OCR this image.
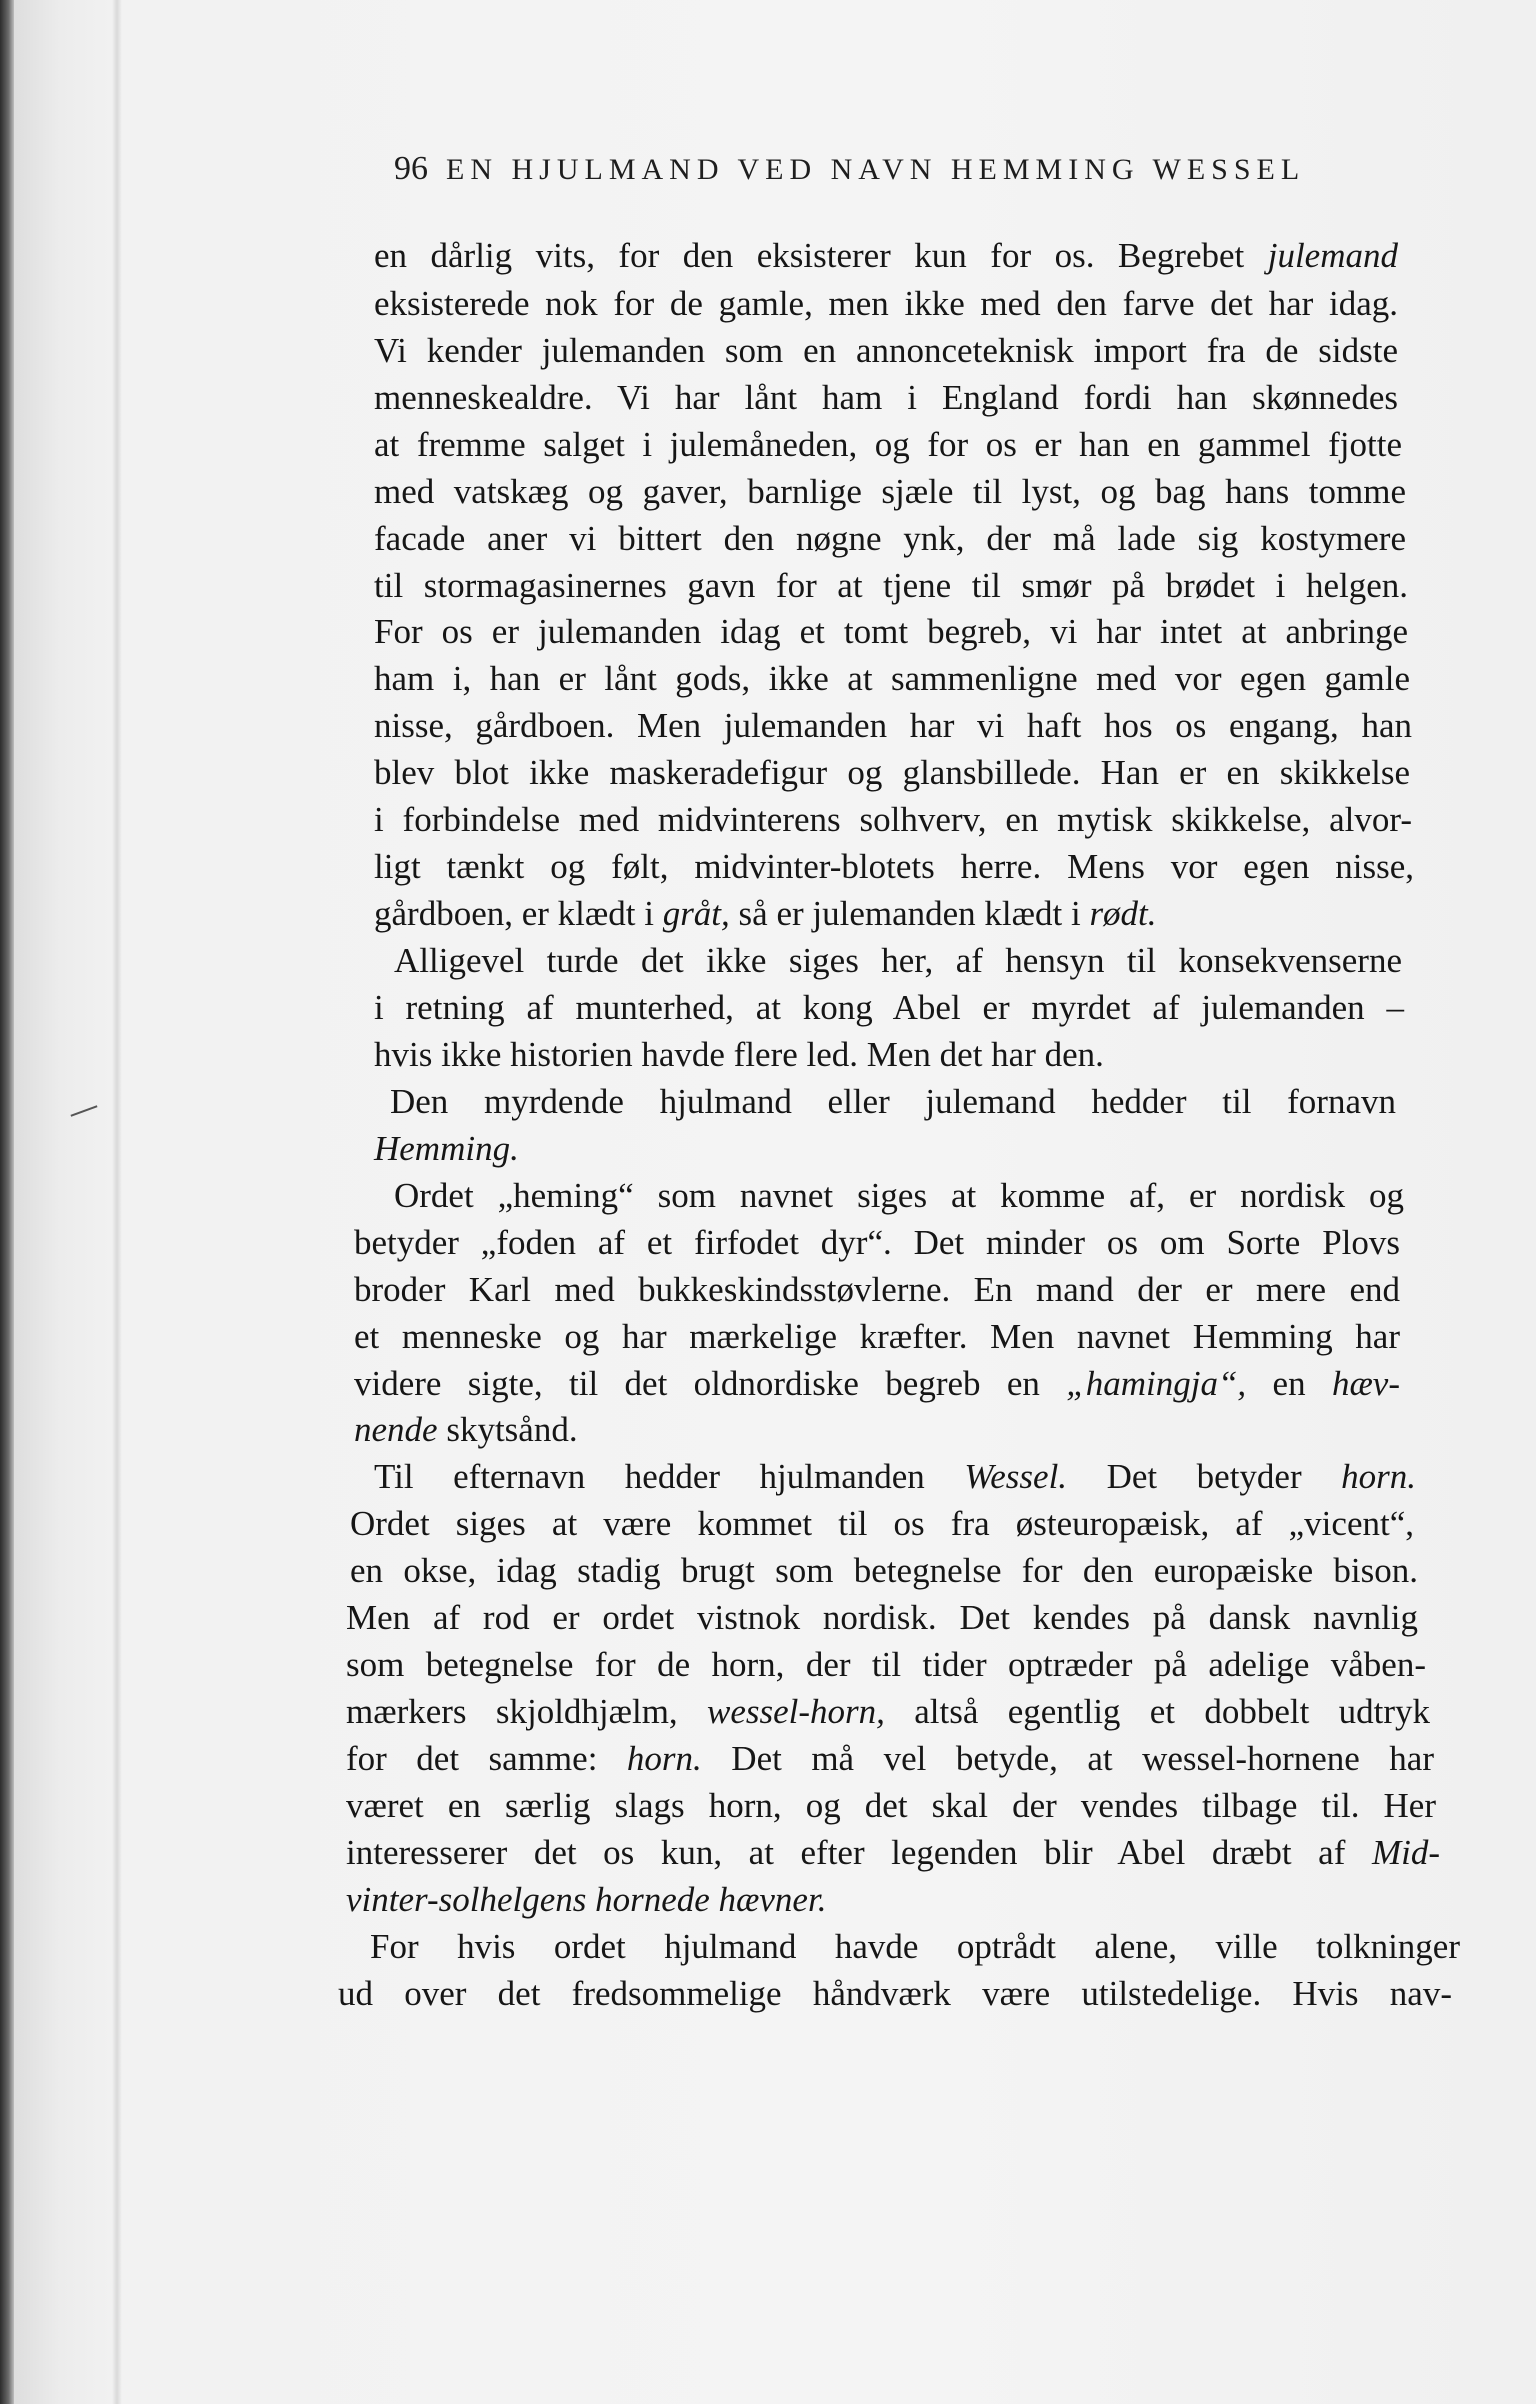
96 EN HJULMAND VED NAVN HEMMING WESSEL
en dårlig vits, for den eksisterer kun for os. Begrebet julemand
eksisterede nok for de gamle, men ikke med den farve det har idag.
Vi kender julemanden som en annonceteknisk import fra de sidste
menneskealdre. Vi har lånt ham i England fordi han skønnedes
at fremme salget i julemåneden, og for os er han en gammel fjotte
med vatskæg og gaver, barnlige sjæle til lyst, og bag hans tomme
facade aner vi bittert den nøgne ynk, der må lade sig kostymere
til stormagasinernes gavn for at tjene til smør på brødet i helgen.
For os er julemanden idag et tomt begreb, vi har intet at anbringe
ham i, han er lånt gods, ikke at sammenligne med vor egen gamle
nisse, gårdboen. Men julemanden har vi haft hos os engang, han
blev blot ikke maskeradefigur og glansbillede. Han er en skikkelse
i forbindelse med midvinterens solhverv, en mytisk skikkelse, alvor-
ligt tænkt og følt, midvinter-blotets herre. Mens vor egen nisse,
gårdboen, er klædt i gråt, så er julemanden klædt i rødt.
Alligevel turde det ikke siges her, af hensyn til konsekvenserne
i retning af munterhed, at kong Abel er myrdet af julemanden –
hvis ikke historien havde flere led. Men det har den.
Den myrdende hjulmand eller julemand hedder til fornavn
Hemming.
Ordet „heming“ som navnet siges at komme af, er nordisk og
betyder „foden af et firfodet dyr“. Det minder os om Sorte Plovs
broder Karl med bukkeskindsstøvlerne. En mand der er mere end
et menneske og har mærkelige kræfter. Men navnet Hemming har
videre sigte, til det oldnordiske begreb en „hamingja“, en hæv-
nende skytsånd.
Til efternavn hedder hjulmanden Wessel. Det betyder horn.
Ordet siges at være kommet til os fra østeuropæisk, af „vicent“,
en okse, idag stadig brugt som betegnelse for den europæiske bison.
Men af rod er ordet vistnok nordisk. Det kendes på dansk navnlig
som betegnelse for de horn, der til tider optræder på adelige våben-
mærkers skjoldhjælm, wessel-horn, altså egentlig et dobbelt udtryk
for det samme: horn. Det må vel betyde, at wessel-hornene har
været en særlig slags horn, og det skal der vendes tilbage til. Her
interesserer det os kun, at efter legenden blir Abel dræbt af Mid-
vinter-solhelgens hornede hævner.
For hvis ordet hjulmand havde optrådt alene, ville tolkninger
ud over det fredsommelige håndværk være utilstedelige. Hvis nav-
